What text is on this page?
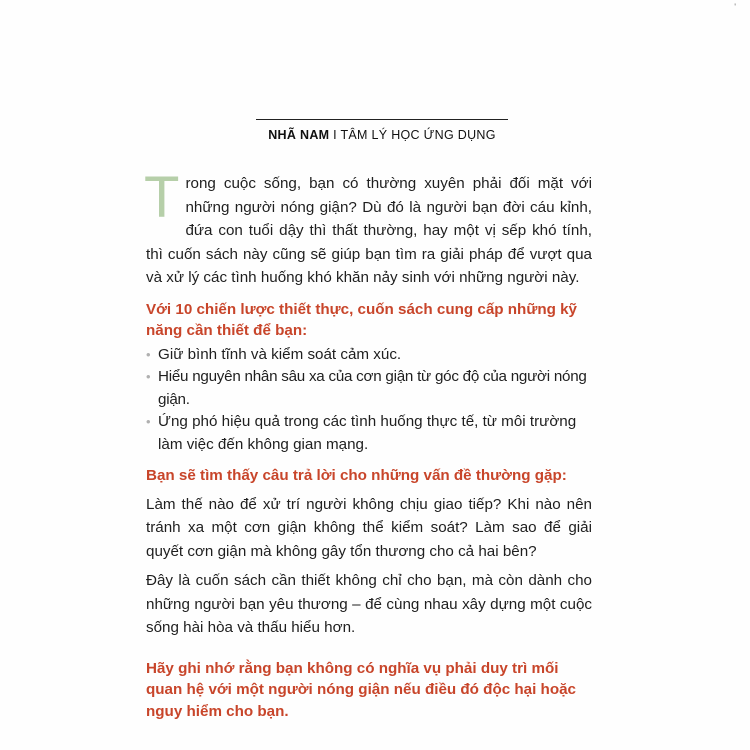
'
NHÃ NAM I TÂM LÝ HỌC ỨNG DỤNG

Trong cuộc sống, bạn có thường xuyên phải đối mặt với những người nóng giận? Dù đó là người bạn đời cáu kỉnh, đứa con tuổi dậy thì thất thường, hay một vị sếp khó tính, thì cuốn sách này cũng sẽ giúp bạn tìm ra giải pháp để vượt qua và xử lý các tình huống khó khăn nảy sinh với những người này.

Với 10 chiến lược thiết thực, cuốn sách cung cấp những kỹ năng cần thiết để bạn:
• Giữ bình tĩnh và kiểm soát cảm xúc.
• Hiểu nguyên nhân sâu xa của cơn giận từ góc độ của người nóng giận.
• Ứng phó hiệu quả trong các tình huống thực tế, từ môi trường làm việc đến không gian mạng.
Bạn sẽ tìm thấy câu trả lời cho những vấn đề thường gặp:

Làm thế nào để xử trí người không chịu giao tiếp? Khi nào nên tránh xa một cơn giận không thể kiểm soát? Làm sao để giải quyết cơn giận mà không gây tổn thương cho cả hai bên?

Đây là cuốn sách cần thiết không chỉ cho bạn, mà còn dành cho những người bạn yêu thương – để cùng nhau xây dựng một cuộc sống hài hòa và thấu hiểu hơn.

Hãy ghi nhớ rằng bạn không có nghĩa vụ phải duy trì mối quan hệ với một người nóng giận nếu điều đó độc hại hoặc nguy hiểm cho bạn.
